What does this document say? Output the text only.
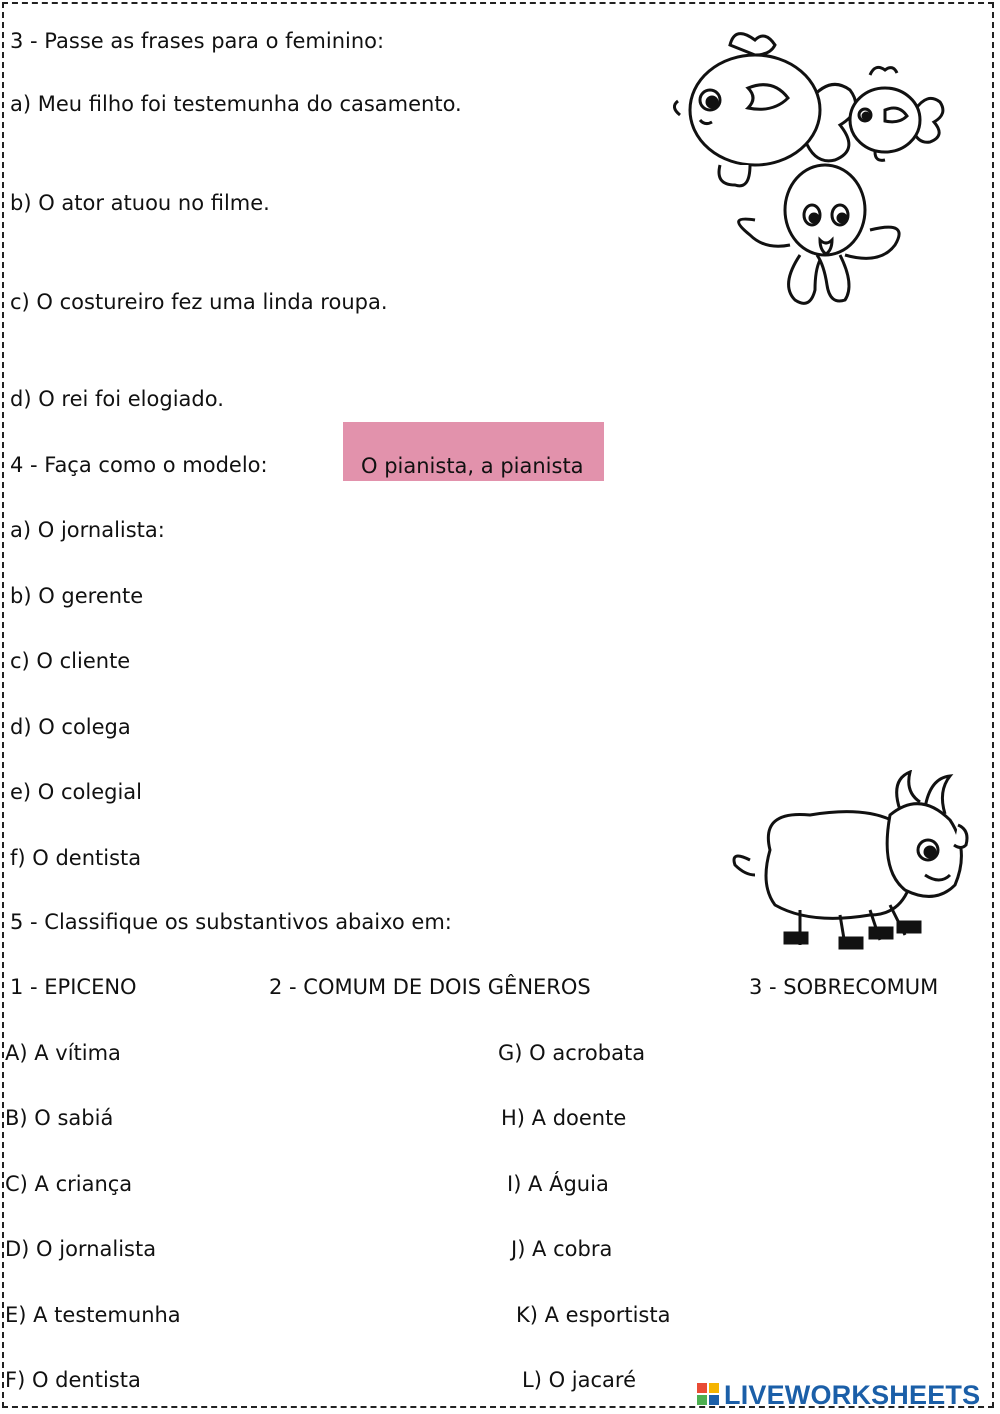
3 - Passe as frases para o feminino:
a) Meu filho foi testemunha do casamento.
b) O ator atuou no filme.
c) O costureiro fez uma linda roupa.
d) O rei foi elogiado.
4 - Faça como o modelo:	O pianista, a pianista
a) O jornalista:
b) O gerente
c) O cliente
d) O colega
e) O colegial
f) O dentista
5 - Classifique os substantivos abaixo em:
1 - EPICENO	2 - COMUM DE DOIS GÊNEROS	3 - SOBRECOMUM
A) A vítima
B) O sabiá
C) A criança
D) O jornalista
E) A testemunha
F) O dentista
G) O acrobata
H) A doente
I) A Águia
J) A cobra
K) A esportista
L) O jacaré	LIVEWORKSHEETS
